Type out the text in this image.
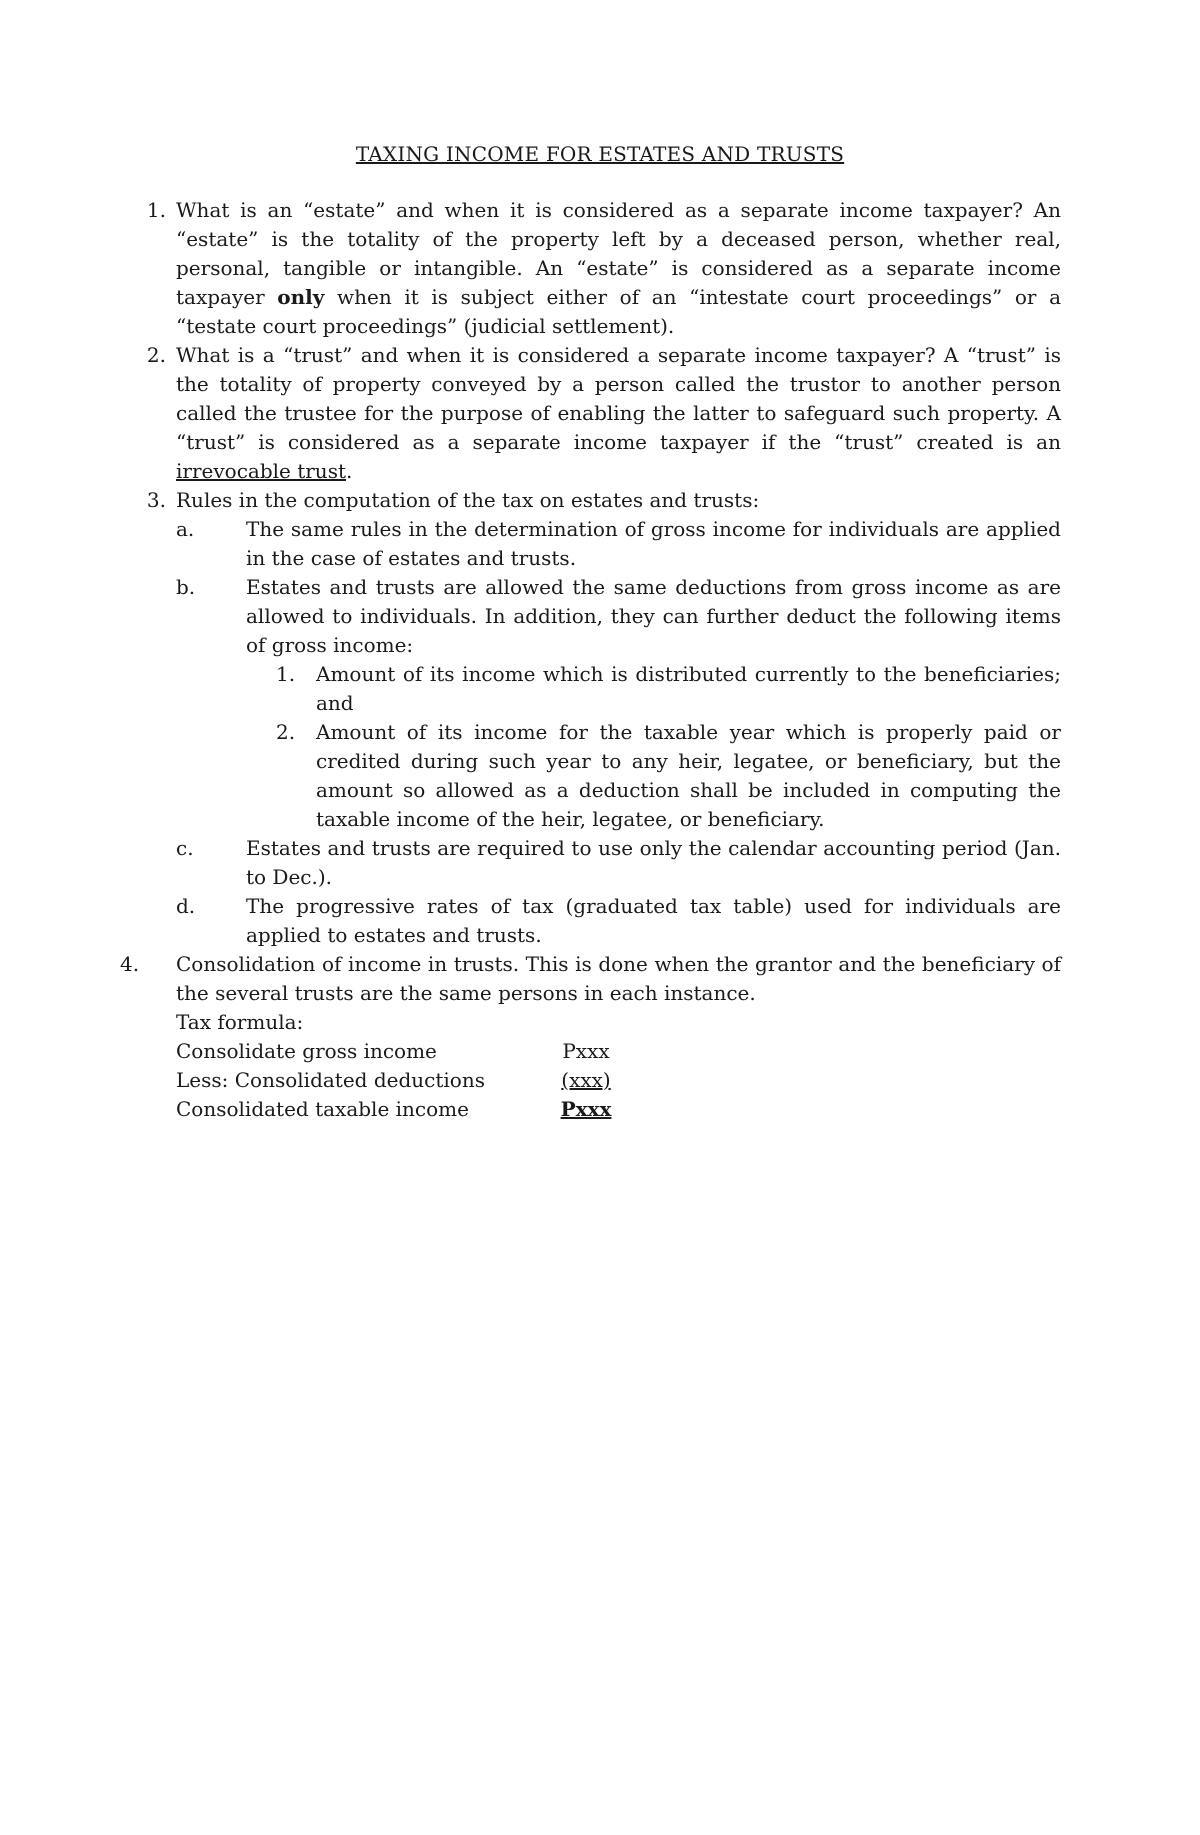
TAXING INCOME FOR ESTATES AND TRUSTS
1. What is an “estate” and when it is considered as a separate income taxpayer? An “estate” is the totality of the property left by a deceased person, whether real, personal, tangible or intangible. An “estate” is considered as a separate income taxpayer only when it is subject either of an “intestate court proceedings” or a “testate court proceedings” (judicial settlement).
2. What is a “trust” and when it is considered a separate income taxpayer? A “trust” is the totality of property conveyed by a person called the trustor to another person called the trustee for the purpose of enabling the latter to safeguard such property. A “trust” is considered as a separate income taxpayer if the “trust” created is an irrevocable trust.
3. Rules in the computation of the tax on estates and trusts:
a.	The same rules in the determination of gross income for individuals are applied in the case of estates and trusts.
b.	Estates and trusts are allowed the same deductions from gross income as are allowed to individuals. In addition, they can further deduct the following items of gross income:
1. Amount of its income which is distributed currently to the beneficiaries; and
2. Amount of its income for the taxable year which is properly paid or credited during such year to any heir, legatee, or beneficiary, but the amount so allowed as a deduction shall be included in computing the taxable income of the heir, legatee, or beneficiary.
c.	Estates and trusts are required to use only the calendar accounting period (Jan. to Dec.).
d.	The progressive rates of tax (graduated tax table) used for individuals are applied to estates and trusts.
4.	Consolidation of income in trusts. This is done when the grantor and the beneficiary of the several trusts are the same persons in each instance.
Tax formula:
Consolidate gross income	Pxxx
Less: Consolidated deductions	(xxx)
Consolidated taxable income	Pxxx
